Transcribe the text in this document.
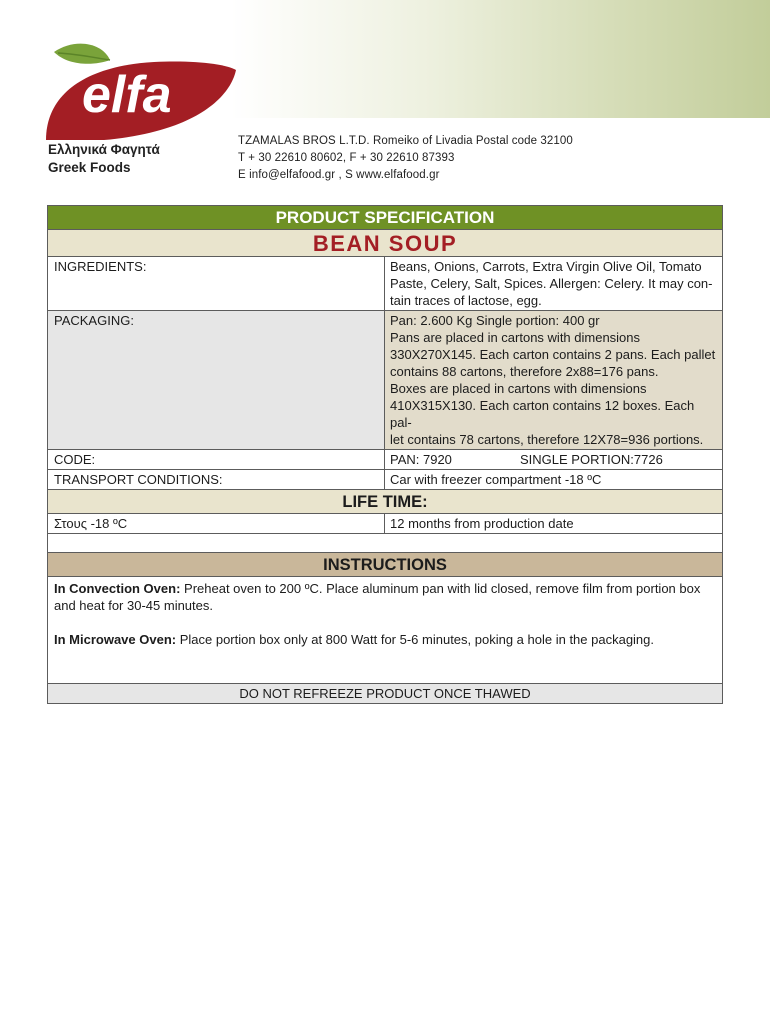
elfa
Ελληνικά Φαγητά
Greek Foods
TZAMALAS BROS L.T.D. Romeiko of Livadia Postal code 32100
T + 30 22610 80602, F + 30 22610 87393
E info@elfafood.gr , S www.elfafood.gr
PRODUCT SPECIFICATION
BEAN SOUP
INGREDIENTS:	Beans, Onions, Carrots, Extra Virgin Olive Oil, Tomato
Paste, Celery, Salt, Spices. Allergen: Celery. It may con-
tain traces of lactose, egg.
PACKAGING:	Pan: 2.600 Kg Single portion: 400 gr
Pans are placed in cartons with dimensions
330X270X145. Each carton contains 2 pans. Each pallet
contains 88 cartons, therefore 2x88=176 pans.
Boxes are placed in cartons with dimensions
410X315X130. Each carton contains 12 boxes. Each pal-
let contains 78 cartons, therefore 12X78=936 portions.
CODE:	PAN: 7920	SINGLE PORTION:7726
TRANSPORT CONDITIONS:	Car with freezer compartment -18 ºC
LIFE TIME:
Στους -18 ºC	12 months from production date
INSTRUCTIONS

In Convection Oven: Preheat oven to 200 ºC. Place aluminum pan with lid closed, remove film from portion box and heat for 30-45 minutes.

In Microwave Oven: Place portion box only at 800 Watt for 5-6 minutes, poking a hole in the packaging.

DO NOT REFREEZE PRODUCT ONCE THAWED
